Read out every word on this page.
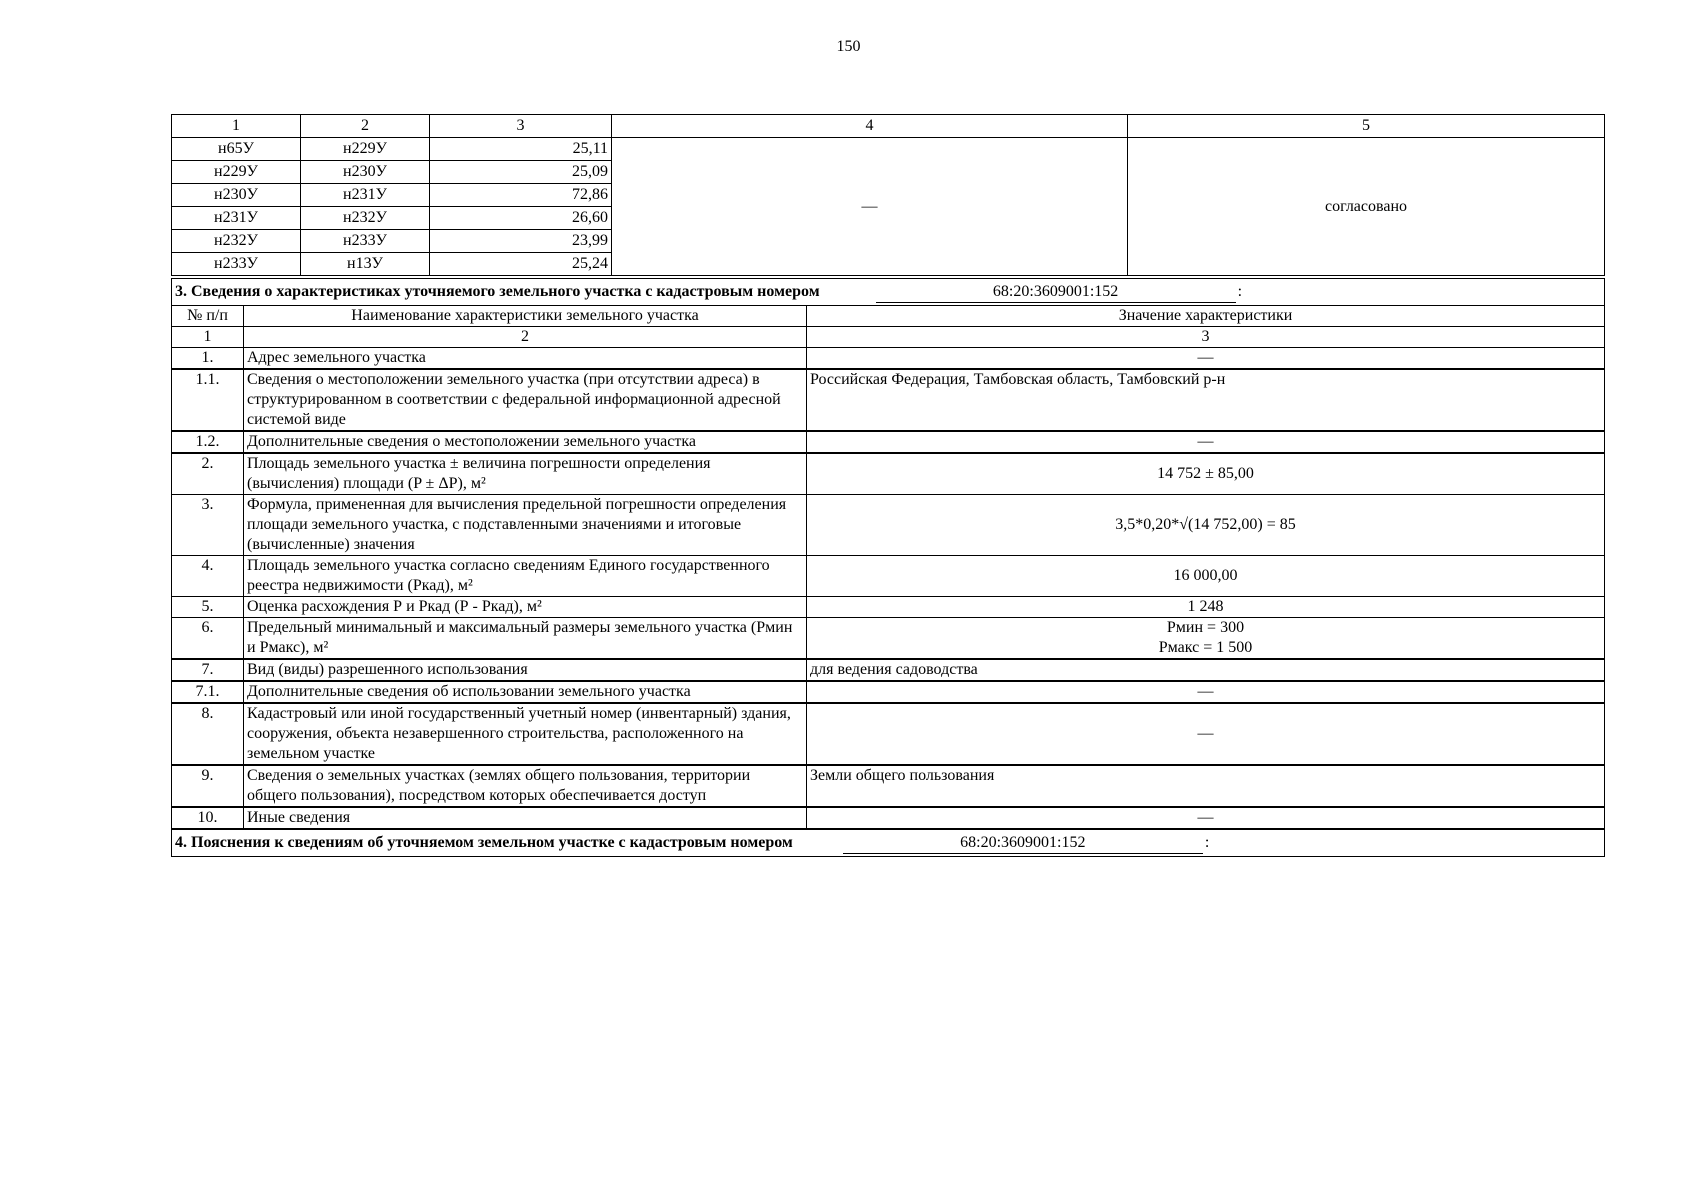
150
1	2	3	4	5
н65У	н229У	25,11	—	согласовано
н229У	н230У	25,09		
н230У	н231У	72,86		
н231У	н232У	26,60		
н232У	н233У	23,99		
н233У	н13У	25,24		
3. Сведения о характеристиках уточняемого земельного участка с кадастровым номером 68:20:3609001:152 :		
№ п/п	Наименование характеристики земельного участка	Значение характеристики
1	2	3
1.	Адрес земельного участка	—
1.1.	Сведения о местоположении земельного участка (при отсутствии адреса) в структурированном в соответствии с федеральной информационной адресной системой виде	Российская Федерация, Тамбовская область, Тамбовский р-н
1.2.	Дополнительные сведения о местоположении земельного участка	—
2.	Площадь земельного участка ± величина погрешности определения (вычисления) площади (P ± ΔP), м²	14 752 ± 85,00
3.	Формула, примененная для вычисления предельной погрешности определения площади земельного участка, с подставленными значениями и итоговые (вычисленные) значения	3,5*0,20*√(14 752,00) = 85
4.	Площадь земельного участка согласно сведениям Единого государственного реестра недвижимости (Ркад), м²	16 000,00
5.	Оценка расхождения Р и Ркад (Р - Ркад), м²	1 248
6.	Предельный минимальный и максимальный размеры земельного участка (Рмин и Рмакс), м²	Рмин = 300
Рмакс = 1 500

7.	Вид (виды) разрешенного использования	для ведения садоводства
7.1.	Дополнительные сведения об использовании земельного участка	—
8.	Кадастровый или иной государственный учетный номер (инвентарный) здания, сооружения, объекта незавершенного строительства, расположенного на земельном участке	—
9.	Сведения о земельных участках (землях общего пользования, территории общего пользования), посредством которых обеспечивается доступ	Земли общего пользования
10.	Иные сведения	—
4. Пояснения к сведениям об уточняемом земельном участке с кадастровым номером 68:20:3609001:152 :		
